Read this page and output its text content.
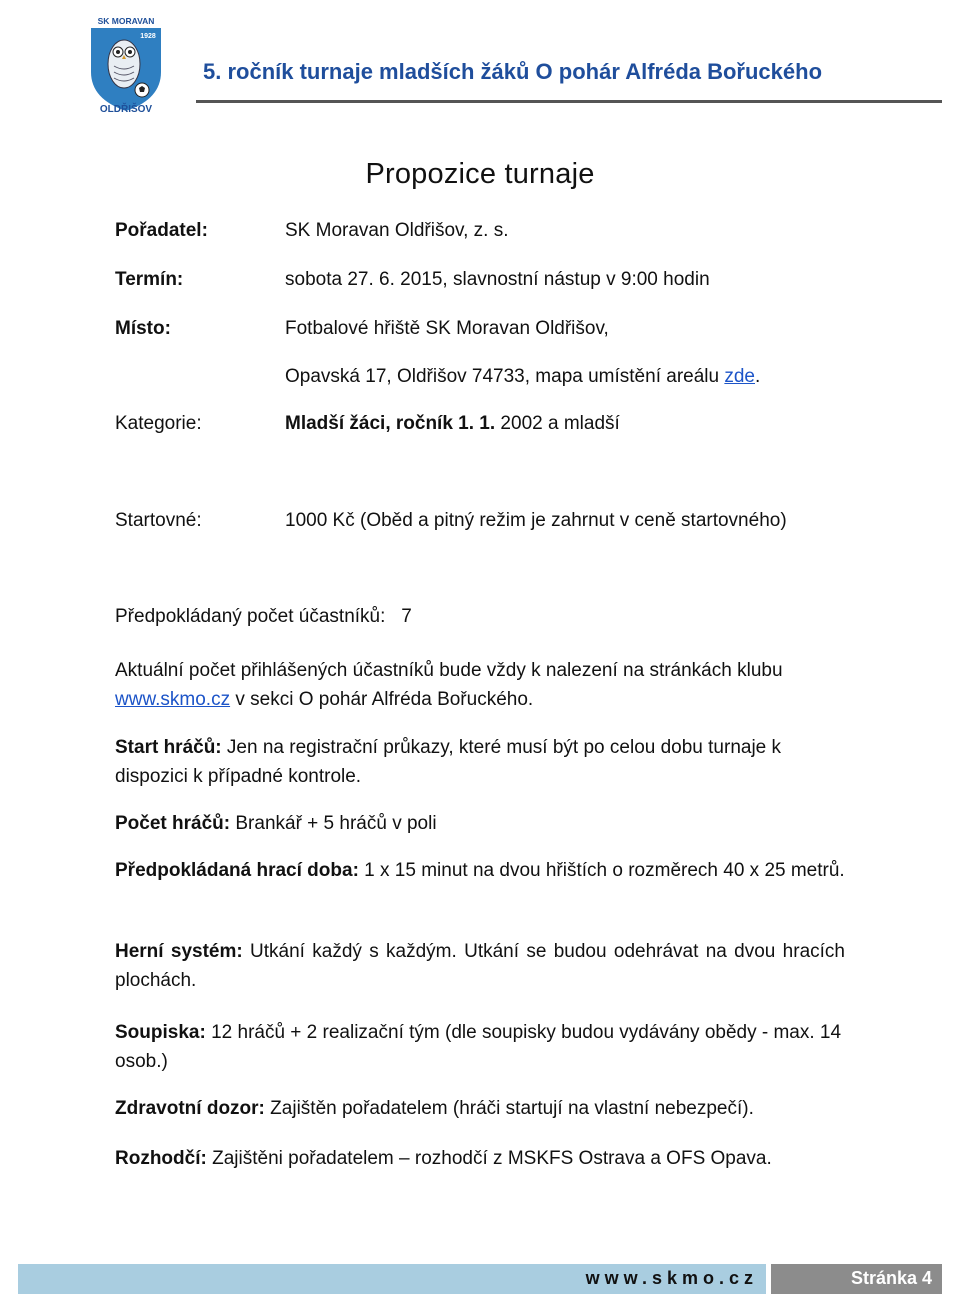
SK MORAVAN
1928
OLDŘIŠOV
5. ročník turnaje mladších žáků O pohár Alfréda Bořuckého
Propozice turnaje
Pořadatel:	SK Moravan Oldřišov, z. s.
Termín:	sobota 27. 6. 2015, slavnostní nástup v 9:00 hodin
Místo:	Fotbalové hřiště SK Moravan Oldřišov,
Opavská 17, Oldřišov 74733, mapa umístění areálu zde.
Kategorie:	Mladší žáci, ročník 1. 1. 2002 a mladší
Startovné:	1000 Kč (Oběd a pitný režim je zahrnut v ceně startovného)
Předpokládaný počet účastníků: 7
Aktuální počet přihlášených účastníků bude vždy k nalezení na stránkách klubu www.skmo.cz v sekci O pohár Alfréda Bořuckého.
Start hráčů: Jen na registrační průkazy, které musí být po celou dobu turnaje k dispozici k případné kontrole.
Počet hráčů: Brankář + 5 hráčů v poli
Předpokládaná hrací doba: 1 x 15 minut na dvou hřištích o rozměrech 40 x 25 metrů.
Herní systém: Utkání každý s každým. Utkání se budou odehrávat na dvou hracích plochách.
Soupiska: 12 hráčů + 2 realizační tým (dle soupisky budou vydávány obědy - max. 14 osob.)
Zdravotní dozor: Zajištěn pořadatelem (hráči startují na vlastní nebezpečí).
Rozhodčí: Zajištěni pořadatelem – rozhodčí z MSKFS Ostrava a OFS Opava.
www.skmo.cz	Stránka 4
